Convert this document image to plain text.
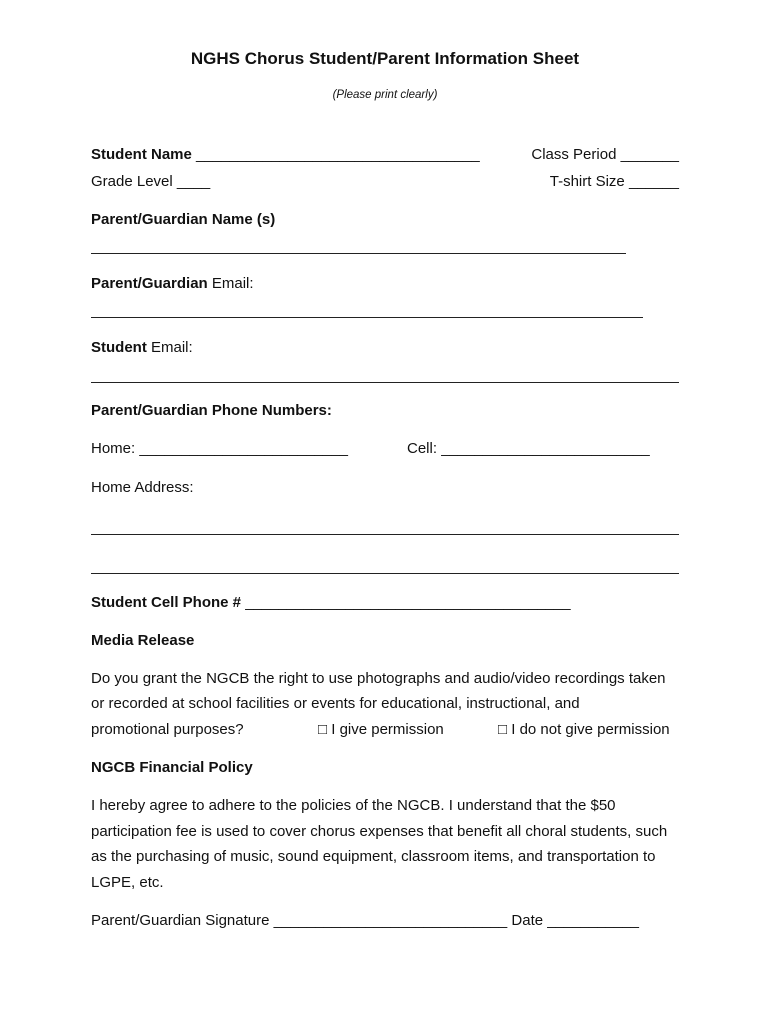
NGHS Chorus Student/Parent Information Sheet
(Please print clearly)
Student Name __________________________________	Class Period _______
Grade Level ____	T-shirt Size ______
Parent/Guardian Name (s)
Parent/Guardian Email:
Student Email:
Parent/Guardian Phone Numbers:
Home: _________________________	Cell: _________________________
Home Address:
Student Cell Phone # _______________________________________
Media Release
Do you grant the NGCB the right to use photographs and audio/video recordings taken
or recorded at school facilities or events for educational, instructional, and
promotional purposes?	□ I give permission	□ I do not give permission
NGCB Financial Policy
I hereby agree to adhere to the policies of the NGCB. I understand that the $50
participation fee is used to cover chorus expenses that benefit all choral students, such
as the purchasing of music, sound equipment, classroom items, and transportation to
LGPE, etc.
Parent/Guardian Signature ____________________________ Date ___________
